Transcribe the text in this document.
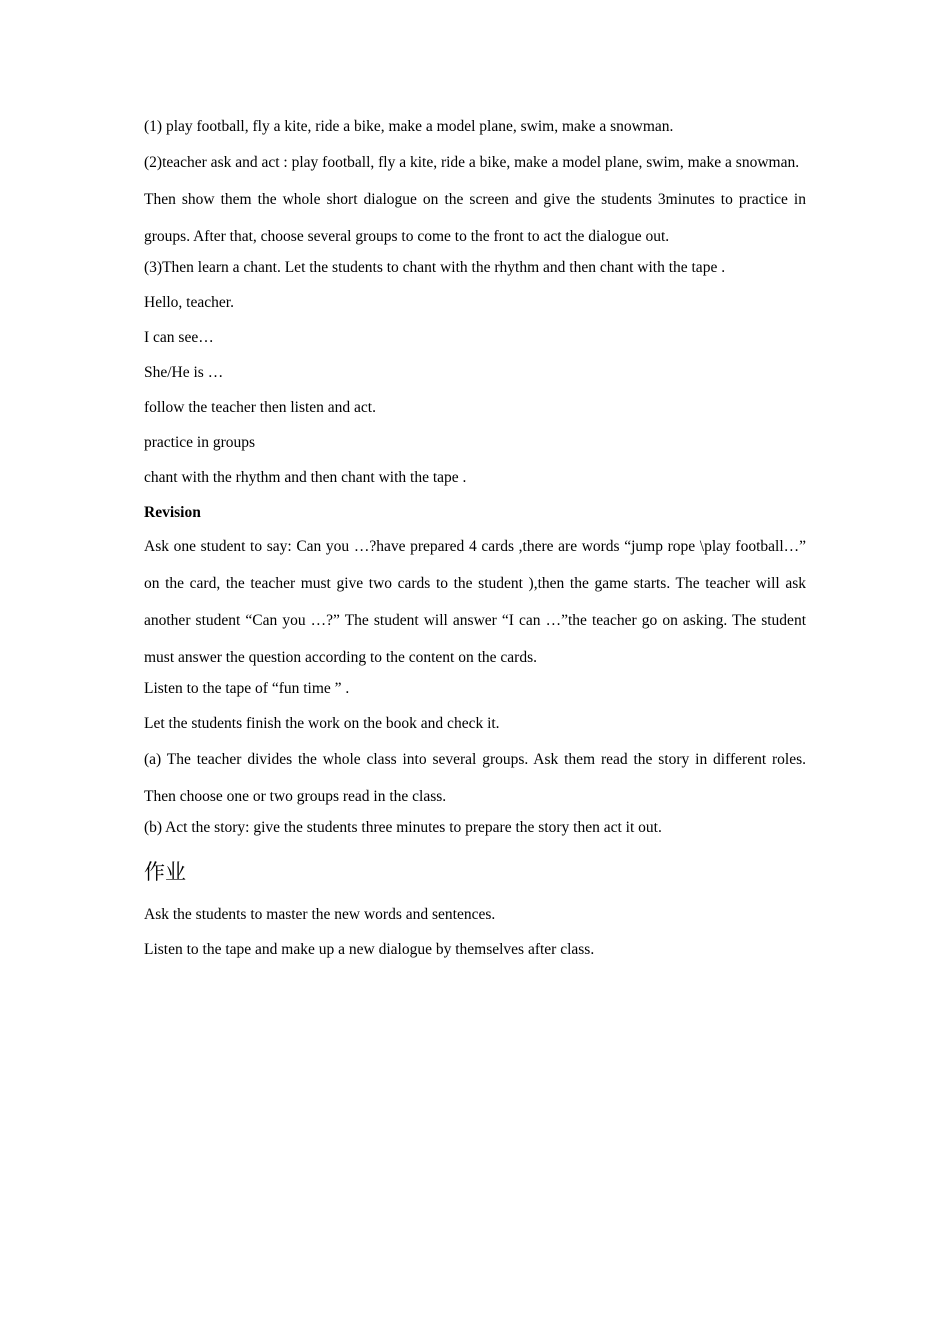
(1) play football, fly a kite, ride a bike, make a model plane, swim, make a snowman.

(2)teacher ask and act : play football, fly a kite, ride a bike, make a model plane, swim, make a snowman.

Then show them the whole short dialogue on the screen and give the students 3minutes to practice in groups. After that, choose several groups to come to the front to act the dialogue out.

(3)Then learn a chant. Let the students to chant with the rhythm and then chant with the tape .

Hello, teacher.

I can see…

She/He is …

follow the teacher then listen and act.

practice in groups

chant with the rhythm and then chant with the tape .

Revision

Ask one student to say: Can you …?have prepared 4 cards ,there are words “jump rope \play football…” on the card, the teacher must give two cards to the student ),then the game starts. The teacher will ask another student “Can you …?” The student will answer “I can …”the teacher go on asking. The student must answer the question according to the content on the cards.

Listen to the tape of “fun time ” .

Let the students finish the work on the book and check it.

(a) The teacher divides the whole class into several groups. Ask them read the story in different roles. Then choose one or two groups read in the class.

(b) Act the story: give the students three minutes to prepare the story then act it out.

作业

Ask the students to master the new words and sentences.

Listen to the tape and make up a new dialogue by themselves after class.
